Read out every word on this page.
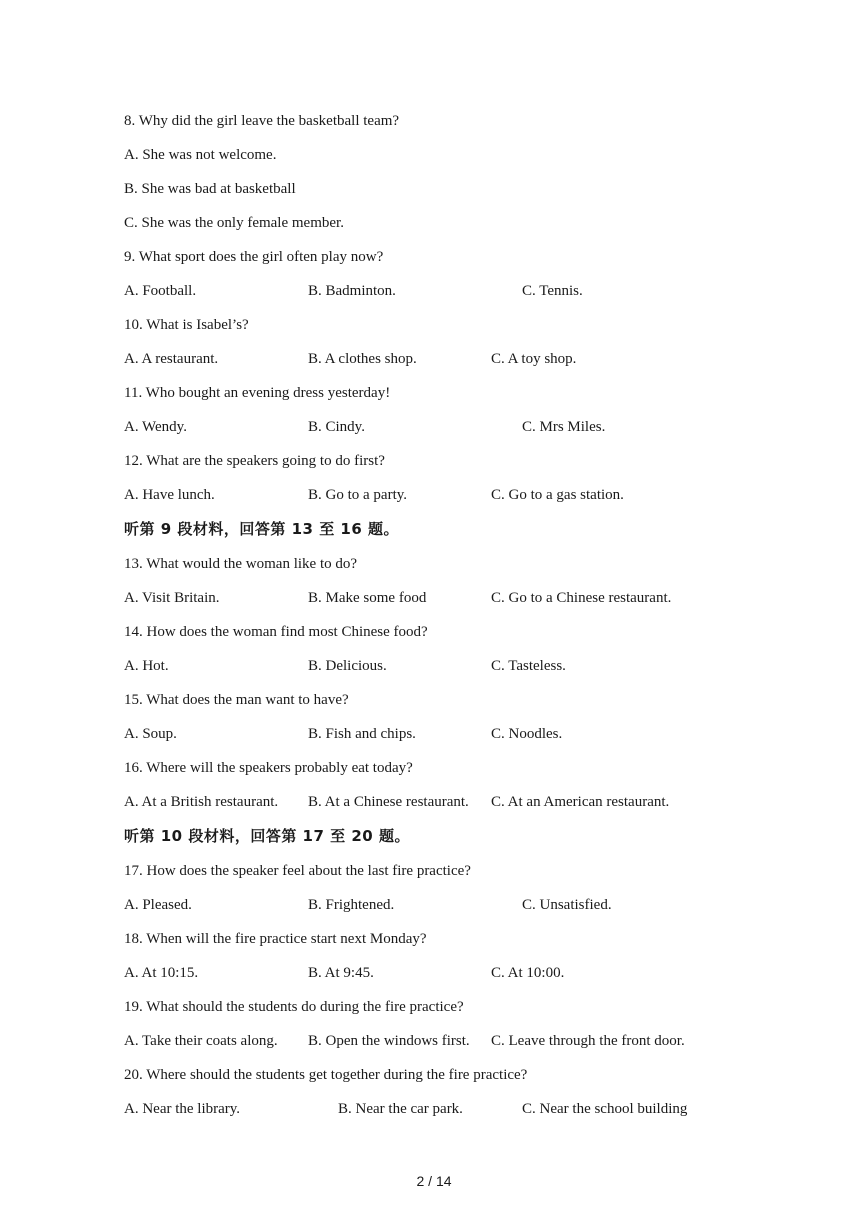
8. Why did the girl leave the basketball team?
A. She was not welcome.
B. She was bad at basketball
C. She was the only female member.
9. What sport does the girl often play now?
A. Football.	B. Badminton.	C. Tennis.
10. What is Isabel’s?
A. A restaurant.	B. A clothes shop.	C. A toy shop.
11. Who bought an evening dress yesterday!
A. Wendy.	B. Cindy.	C. Mrs Miles.
12. What are the speakers going to do first?
A. Have lunch.	B. Go to a party.	C. Go to a gas station.
听第 9 段材料，回答第 13 至 16 题。
13. What would the woman like to do?
A. Visit Britain.	B. Make some food	C. Go to a Chinese restaurant.
14. How does the woman find most Chinese food?
A. Hot.	B. Delicious.	C. Tasteless.
15. What does the man want to have?
A. Soup.	B. Fish and chips.	C. Noodles.
16. Where will the speakers probably eat today?
A. At a British restaurant. B. At a Chinese restaurant. C. At an American restaurant.
听第 10 段材料，回答第 17 至 20 题。
17. How does the speaker feel about the last fire practice?
A. Pleased.	B. Frightened.	C. Unsatisfied.
18. When will the fire practice start next Monday?
A. At 10:15.	B. At 9:45.	C. At 10:00.
19. What should the students do during the fire practice?
A. Take their coats along. B. Open the windows first. C. Leave through the front door.
20. Where should the students get together during the fire practice?
A. Near the library.	B. Near the car park.	C. Near the school building
2 / 14
